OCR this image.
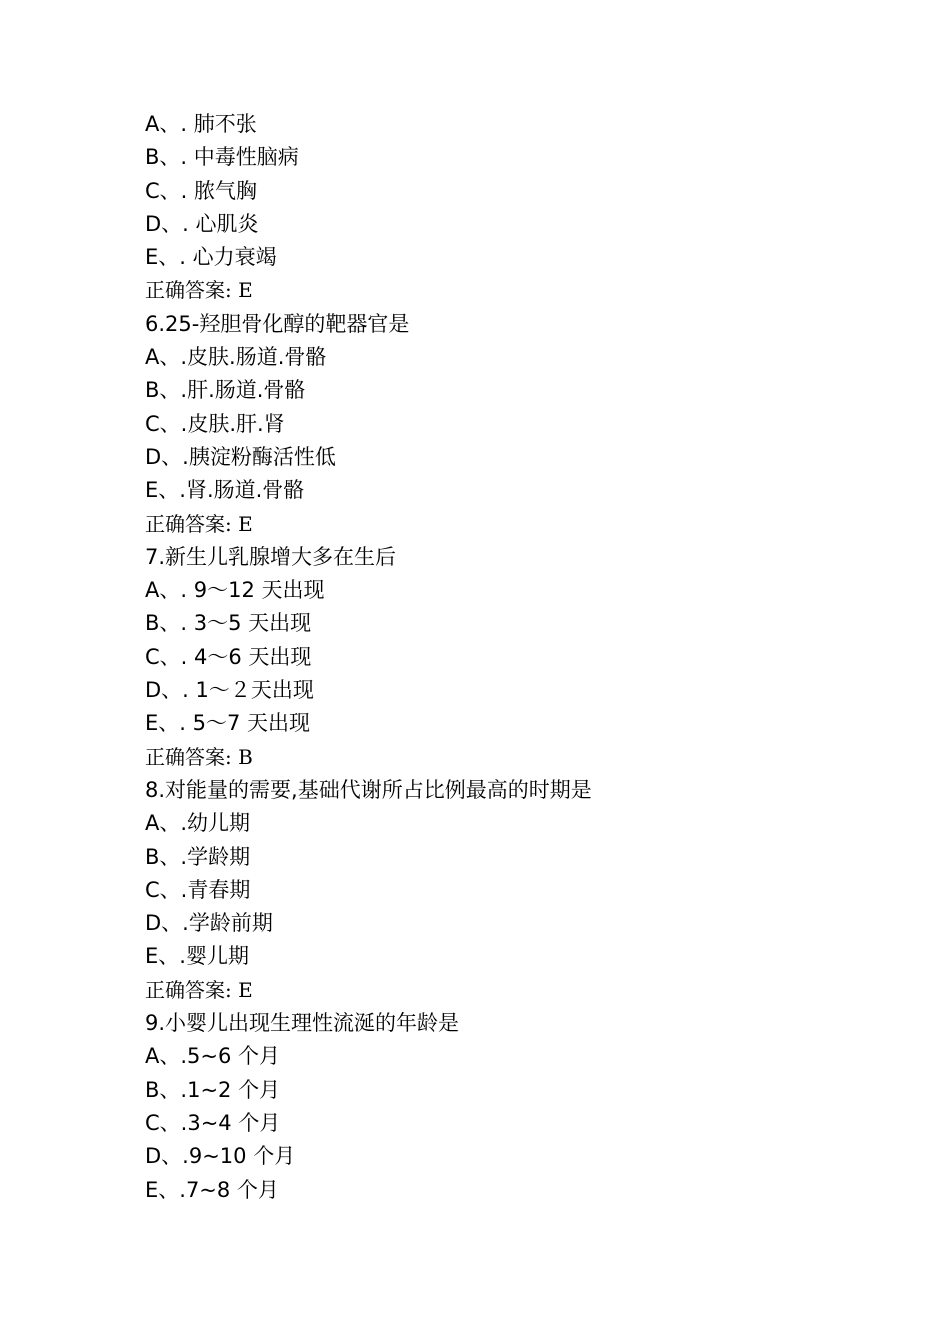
A、. 肺不张
B、. 中毒性脑病
C、. 脓气胸
D、. 心肌炎
E、. 心力衰竭
正确答案: E
6.25-羟胆骨化醇的靶器官是
A、.皮肤.肠道.骨骼
B、.肝.肠道.骨骼
C、.皮肤.肝.肾
D、.胰淀粉酶活性低
E、.肾.肠道.骨骼
正确答案: E
7.新生儿乳腺增大多在生后
A、. 9～12 天出现
B、. 3～5 天出现
C、. 4～6 天出现
D、. 1～２天出现
E、. 5～7 天出现
正确答案: B
8.对能量的需要,基础代谢所占比例最高的时期是
A、.幼儿期
B、.学龄期
C、.青春期
D、.学龄前期
E、.婴儿期
正确答案: E
9.小婴儿出现生理性流涎的年龄是
A、.5~6 个月
B、.1~2 个月
C、.3~4 个月
D、.9~10 个月
E、.7~8 个月
